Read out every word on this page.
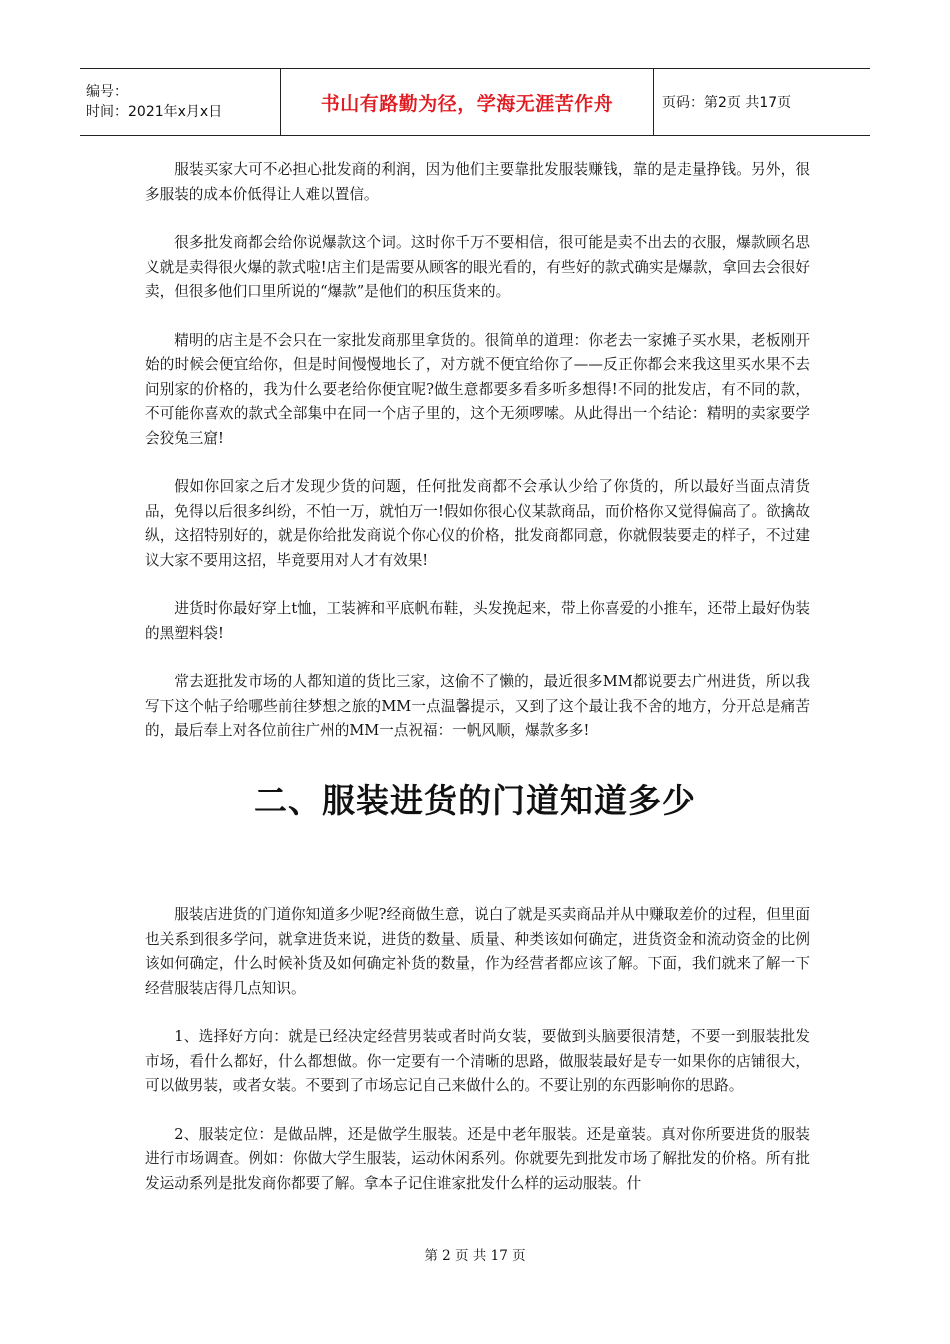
编号：
时间：2021年x月x日	书山有路勤为径，学海无涯苦作舟	页码：第2页 共17页

服装买家大可不必担心批发商的利润，因为他们主要靠批发服装赚钱，靠的是走量挣钱。另外，很多服装的成本价低得让人难以置信。

很多批发商都会给你说爆款这个词。这时你千万不要相信，很可能是卖不出去的衣服，爆款顾名思义就是卖得很火爆的款式啦!店主们是需要从顾客的眼光看的，有些好的款式确实是爆款，拿回去会很好卖，但很多他们口里所说的“爆款”是他们的积压货来的。

精明的店主是不会只在一家批发商那里拿货的。很简单的道理：你老去一家摊子买水果，老板刚开始的时候会便宜给你，但是时间慢慢地长了，对方就不便宜给你了——反正你都会来我这里买水果不去问别家的价格的，我为什么要老给你便宜呢?做生意都要多看多听多想得!不同的批发店，有不同的款，不可能你喜欢的款式全部集中在同一个店子里的，这个无须啰嗦。从此得出一个结论：精明的卖家要学会狡兔三窟!

假如你回家之后才发现少货的问题，任何批发商都不会承认少给了你货的，所以最好当面点清货品，免得以后很多纠纷，不怕一万，就怕万一!假如你很心仪某款商品，而价格你又觉得偏高了。欲擒故纵，这招特别好的，就是你给批发商说个你心仪的价格，批发商都同意，你就假装要走的样子，不过建议大家不要用这招，毕竟要用对人才有效果!

进货时你最好穿上t恤，工装裤和平底帆布鞋，头发挽起来，带上你喜爱的小推车，还带上最好伪装的黑塑料袋!

常去逛批发市场的人都知道的货比三家，这偷不了懒的，最近很多MM都说要去广州进货，所以我写下这个帖子给哪些前往梦想之旅的MM一点温馨提示，又到了这个最让我不舍的地方，分开总是痛苦的，最后奉上对各位前往广州的MM一点祝福：一帆风顺，爆款多多!

二、服装进货的门道知道多少

服装店进货的门道你知道多少呢?经商做生意，说白了就是买卖商品并从中赚取差价的过程，但里面也关系到很多学问，就拿进货来说，进货的数量、质量、种类该如何确定，进货资金和流动资金的比例该如何确定，什么时候补货及如何确定补货的数量，作为经营者都应该了解。下面，我们就来了解一下经营服装店得几点知识。

1、选择好方向：就是已经决定经营男装或者时尚女装，要做到头脑要很清楚，不要一到服装批发市场，看什么都好，什么都想做。你一定要有一个清晰的思路，做服装最好是专一如果你的店铺很大，可以做男装，或者女装。不要到了市场忘记自己来做什么的。不要让别的东西影响你的思路。

2、服装定位：是做品牌，还是做学生服装。还是中老年服装。还是童装。真对你所要进货的服装进行市场调查。例如：你做大学生服装，运动休闲系列。你就要先到批发市场了解批发的价格。所有批发运动系列是批发商你都要了解。拿本子记住谁家批发什么样的运动服装。什

第 2 页 共 17 页
